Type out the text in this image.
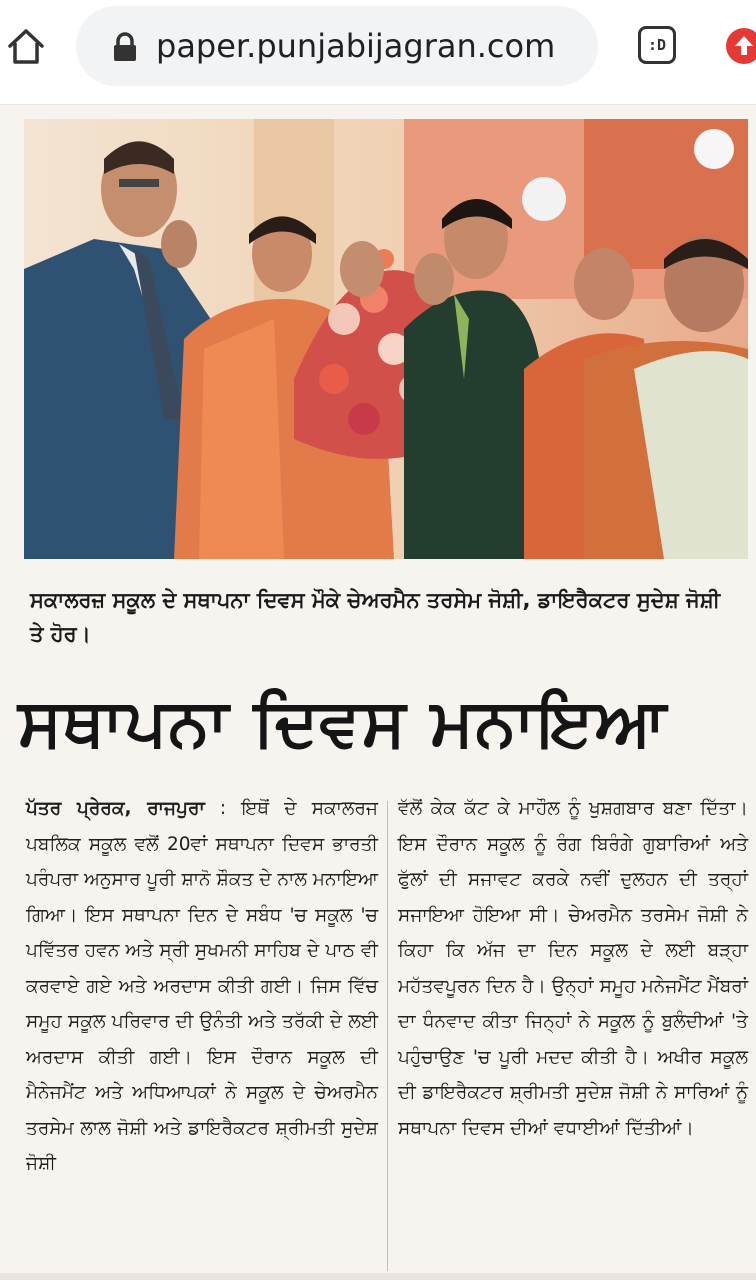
paper.punjabijagran.com	:D
ਸਕਾਲਰਜ਼ ਸਕੂਲ ਦੇ ਸਥਾਪਨਾ ਦਿਵਸ ਮੌਕੇ ਚੇਅਰਮੈਨ ਤਰਸੇਮ ਜੋਸ਼ੀ, ਡਾਇਰੈਕਟਰ ਸੁਦੇਸ਼ ਜੋਸ਼ੀ ਤੇ ਹੋਰ।
ਸਥਾਪਨਾ ਦਿਵਸ ਮਨਾਇਆ
ਪੱਤਰ ਪ੍ਰੇਰਕ, ਰਾਜਪੁਰਾ : ਇਥੋਂ ਦੇ ਸਕਾਲਰਜ ਪਬਲਿਕ ਸਕੂਲ ਵਲੋਂ 20ਵਾਂ ਸਥਾਪਨਾ ਦਿਵਸ ਭਾਰਤੀ ਪਰੰਪਰਾ ਅਨੁਸਾਰ ਪੂਰੀ ਸ਼ਾਨੋ ਸ਼ੌਕਤ ਦੇ ਨਾਲ ਮਨਾਇਆ ਗਿਆ। ਇਸ ਸਥਾਪਨਾ ਦਿਨ ਦੇ ਸਬੰਧ 'ਚ ਸਕੂਲ 'ਚ ਪਵਿੱਤਰ ਹਵਨ ਅਤੇ ਸ੍ਰੀ ਸੁਖਮਨੀ ਸਾਹਿਬ ਦੇ ਪਾਠ ਵੀ ਕਰਵਾਏ ਗਏ ਅਤੇ ਅਰਦਾਸ ਕੀਤੀ ਗਈ। ਜਿਸ ਵਿੱਚ ਸਮੂਹ ਸਕੂਲ ਪਰਿਵਾਰ ਦੀ ਉਨੰਤੀ ਅਤੇ ਤਰੱਕੀ ਦੇ ਲਈ ਅਰਦਾਸ ਕੀਤੀ ਗਈ। ਇਸ ਦੌਰਾਨ ਸਕੂਲ ਦੀ ਮੈਨੇਜਮੈਂਟ ਅਤੇ ਅਧਿਆਪਕਾਂ ਨੇ ਸਕੂਲ ਦੇ ਚੇਅਰਮੈਨ ਤਰਸੇਮ ਲਾਲ ਜੋਸ਼ੀ ਅਤੇ ਡਾਇਰੈਕਟਰ ਸ਼੍ਰੀਮਤੀ ਸੁਦੇਸ਼ ਜੋਸ਼ੀ
ਵੱਲੋਂ ਕੇਕ ਕੱਟ ਕੇ ਮਾਹੌਲ ਨੂੰ ਖੁਸ਼ਗਬਾਰ ਬਣਾ ਦਿੱਤਾ। ਇਸ ਦੌਰਾਨ ਸਕੂਲ ਨੂੰ ਰੰਗ ਬਿਰੰਗੇ ਗੁਬਾਰਿਆਂ ਅਤੇ ਫੁੱਲਾਂ ਦੀ ਸਜਾਵਟ ਕਰਕੇ ਨਵੀਂ ਦੁਲਹਨ ਦੀ ਤਰ੍ਹਾਂ ਸਜਾਇਆ ਹੋਇਆ ਸੀ। ਚੇਅਰਮੈਨ ਤਰਸੇਮ ਜੋਸ਼ੀ ਨੇ ਕਿਹਾ ਕਿ ਅੱਜ ਦਾ ਦਿਨ ਸਕੂਲ ਦੇ ਲਈ ਬੜ੍ਹਾ ਮਹੱਤਵਪੂਰਨ ਦਿਨ ਹੈ। ਉਨ੍ਹਾਂ ਸਮੂਹ ਮਨੇਜਮੈਂਟ ਮੈਂਬਰਾਂ ਦਾ ਧੰਨਵਾਦ ਕੀਤਾ ਜਿਨ੍ਹਾਂ ਨੇ ਸਕੂਲ ਨੂੰ ਬੁਲੰਦੀਆਂ 'ਤੇ ਪਹੁੰਚਾਉਣ 'ਚ ਪੂਰੀ ਮਦਦ ਕੀਤੀ ਹੈ। ਅਖੀਰ ਸਕੂਲ ਦੀ ਡਾਇਰੈਕਟਰ ਸ਼੍ਰੀਮਤੀ ਸੁਦੇਸ਼ ਜੋਸ਼ੀ ਨੇ ਸਾਰਿਆਂ ਨੂੰ ਸਥਾਪਨਾ ਦਿਵਸ ਦੀਆਂ ਵਧਾਈਆਂ ਦਿੱਤੀਆਂ।
